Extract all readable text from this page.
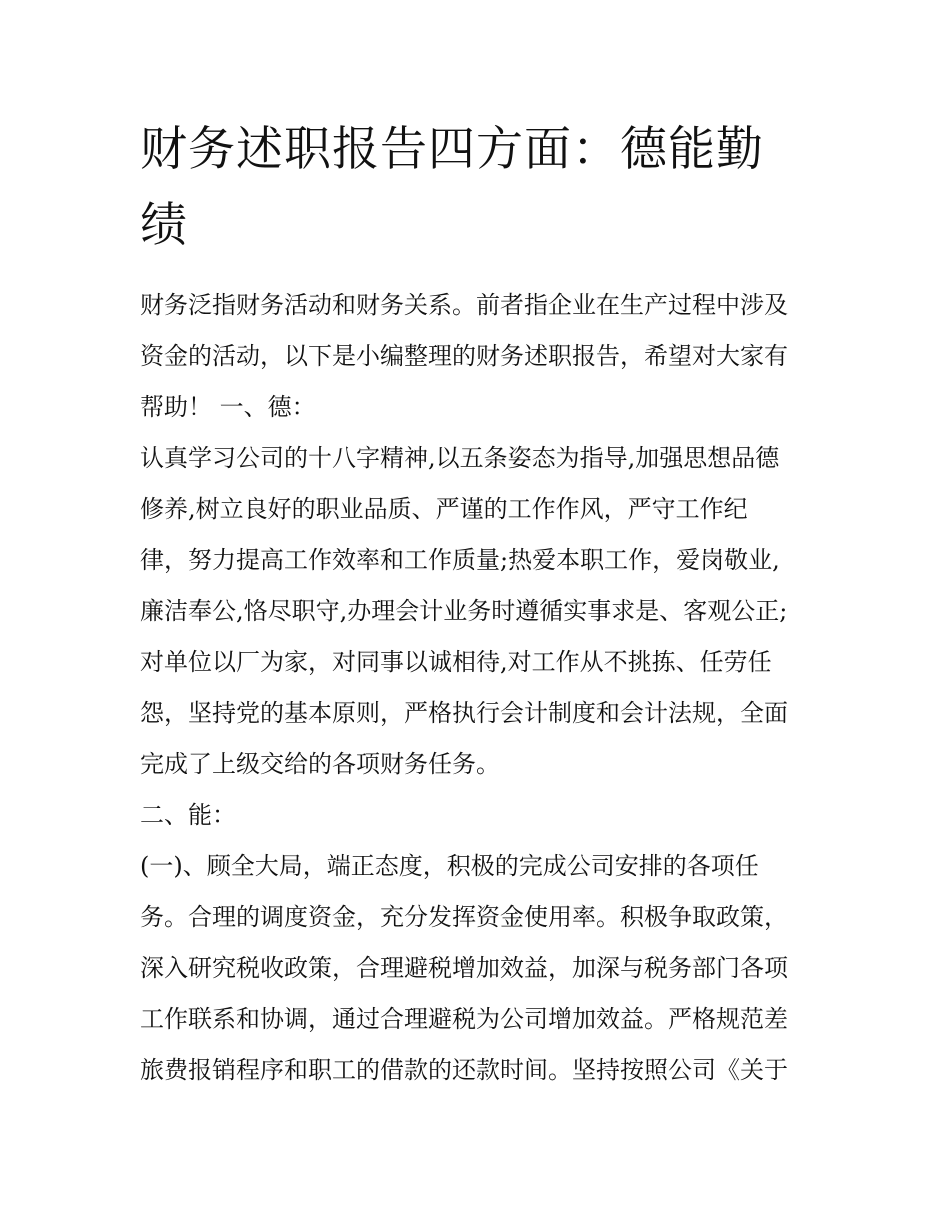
财务述职报告四方面：德能勤
绩
财务泛指财务活动和财务关系。前者指企业在生产过程中涉及
资金的活动，以下是小编整理的财务述职报告，希望对大家有
帮助！ 一、德：
认真学习公司的十八字精神,以五条姿态为指导,加强思想品德
修养,树立良好的职业品质、严谨的工作作风，严守工作纪
律，努力提高工作效率和工作质量;热爱本职工作，爱岗敬业,
廉洁奉公,恪尽职守,办理会计业务时遵循实事求是、客观公正;
对单位以厂为家，对同事以诚相待,对工作从不挑拣、任劳任
怨，坚持党的基本原则，严格执行会计制度和会计法规，全面
完成了上级交给的各项财务任务。
二、能：
(一)、顾全大局，端正态度，积极的完成公司安排的各项任
务。合理的调度资金，充分发挥资金使用率。积极争取政策，
深入研究税收政策，合理避税增加效益，加深与税务部门各项
工作联系和协调，通过合理避税为公司增加效益。严格规范差
旅费报销程序和职工的借款的还款时间。坚持按照公司《关于
